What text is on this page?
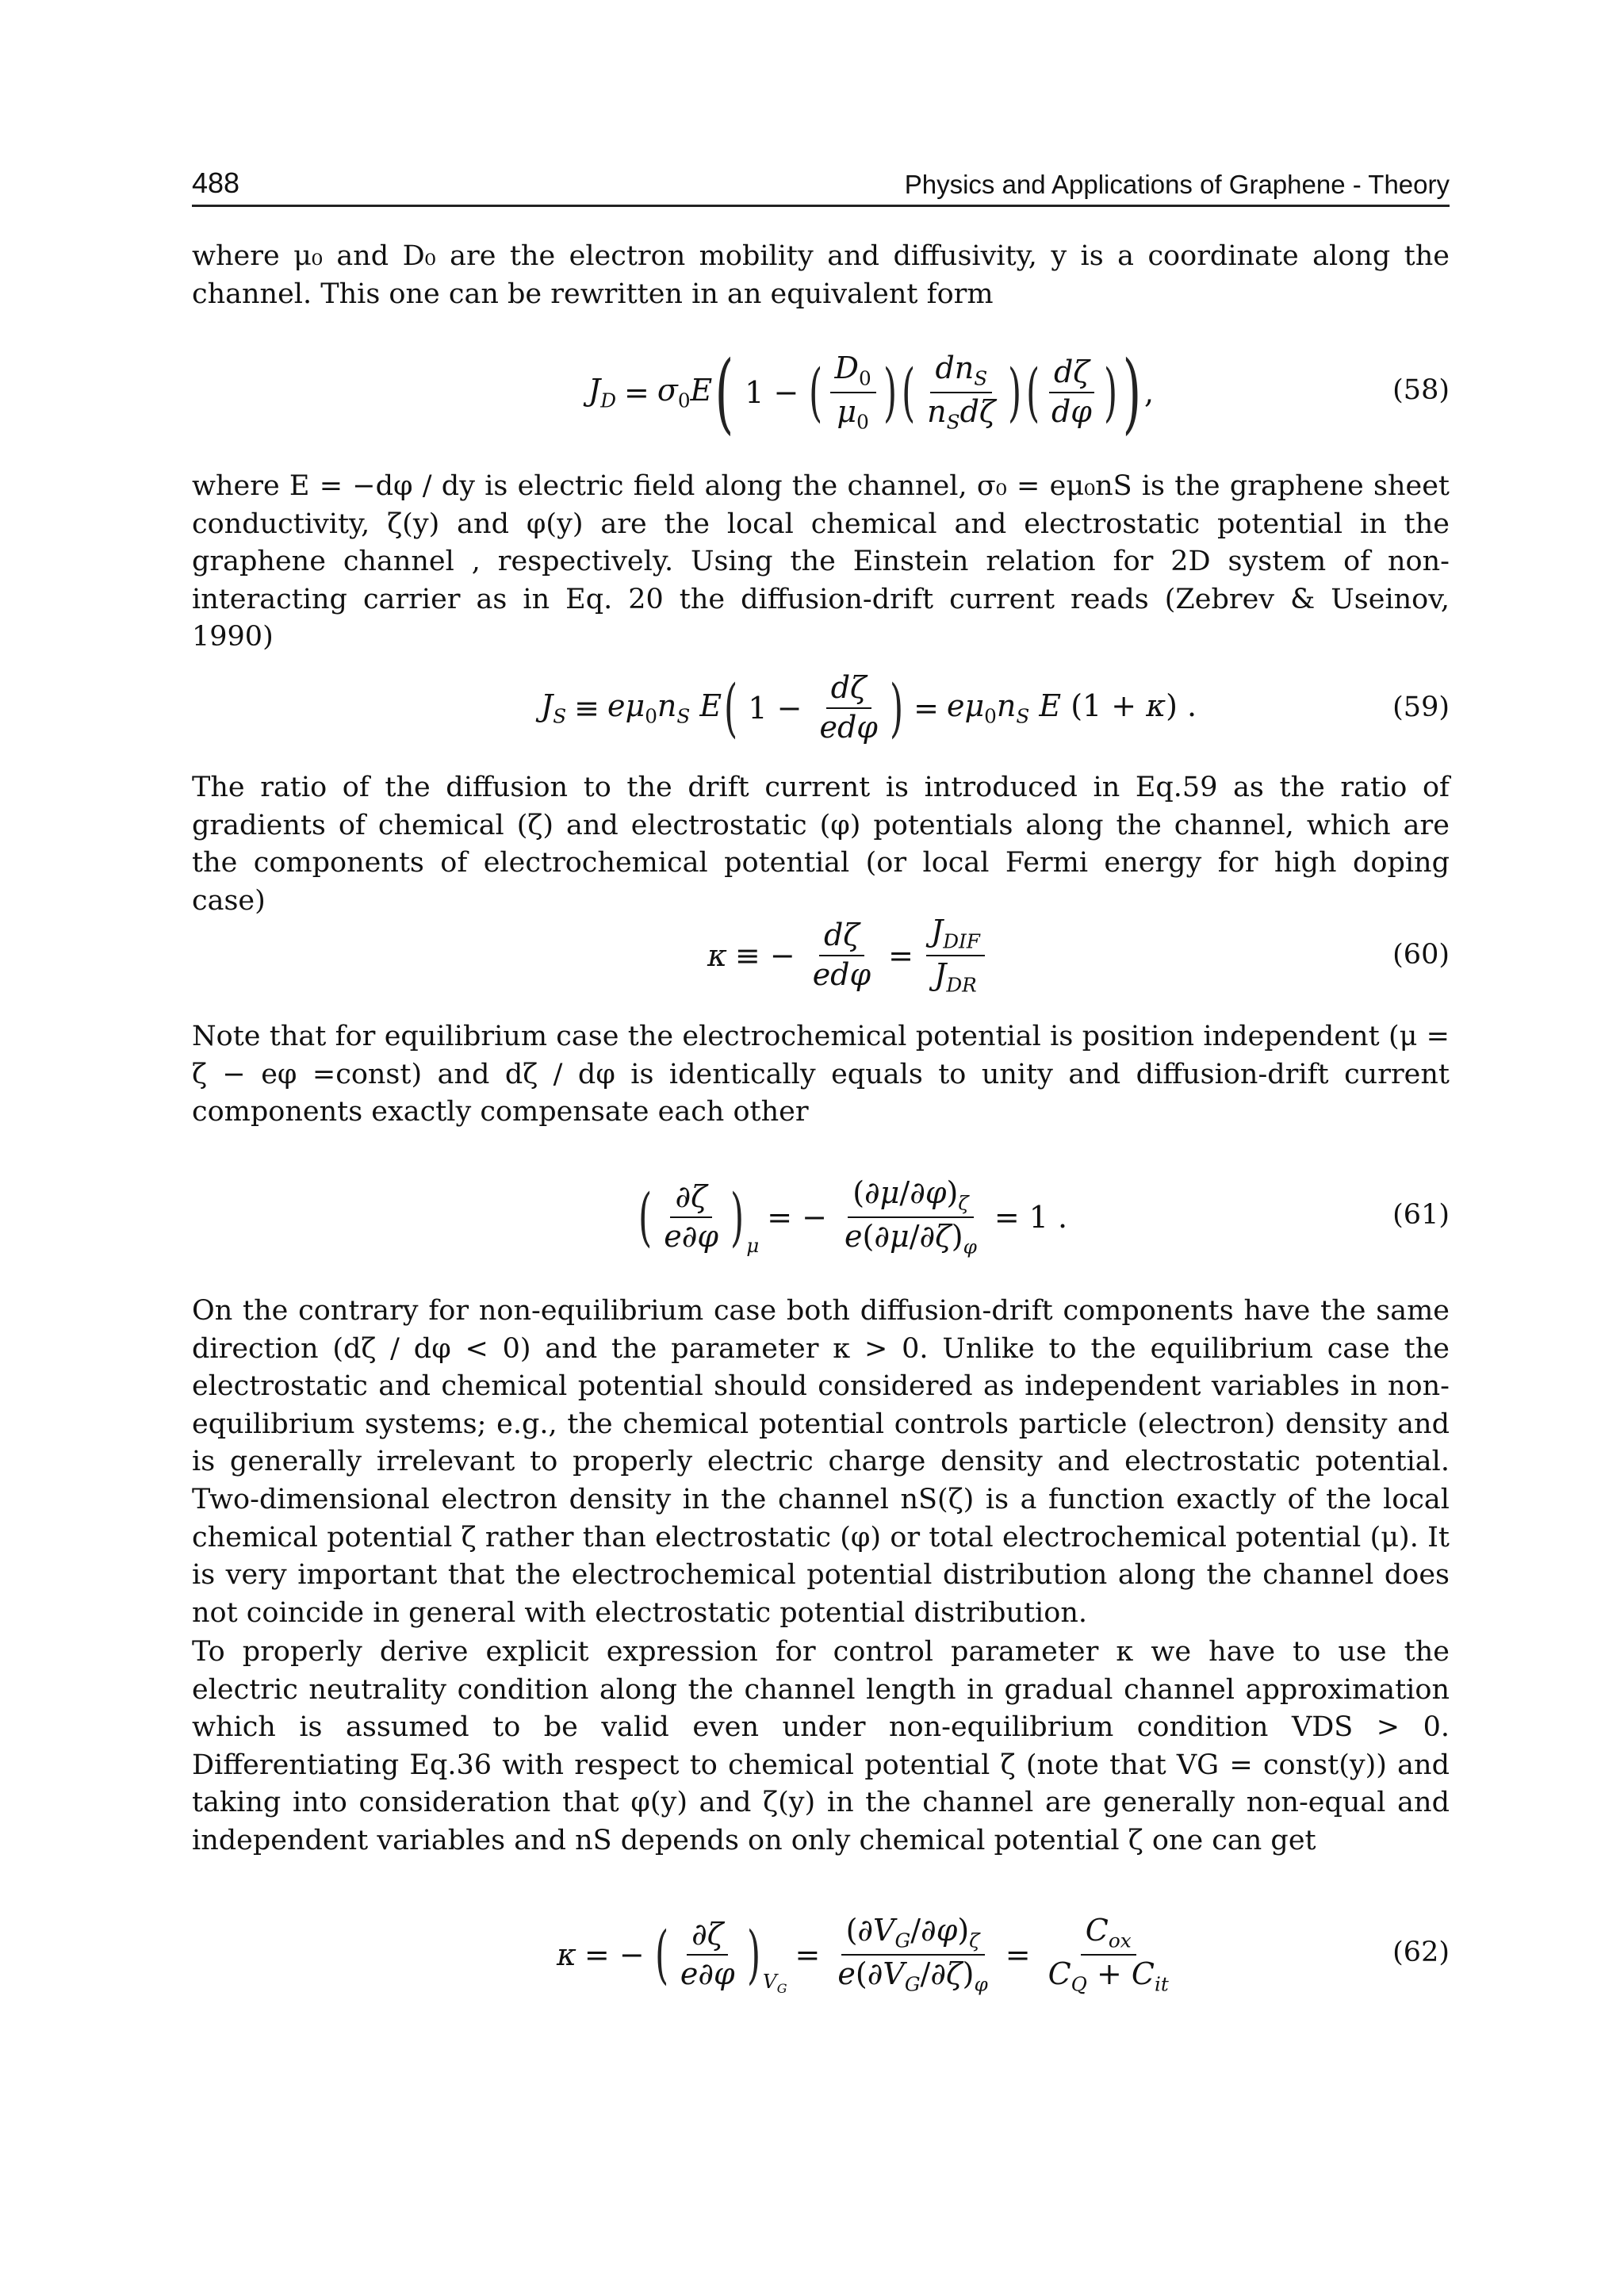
488	Physics and Applications of Graphene - Theory

where μ₀ and D₀ are the electron mobility and diffusivity, y is a coordinate along the channel. This one can be rewritten in an equivalent form

$J_D = \sigma_0E$ ( 1 − ( $\frac{D_0}{\mu_0}$ ) ( $\frac{dn_S}{n_Sd\zeta}$ ) ( $\frac{d\zeta}{d\varphi}$ ) ) ,	(58)

where E = −dφ / dy is electric field along the channel, σ₀ = eμ₀nS is the graphene sheet conductivity, ζ(y) and φ(y) are the local chemical and electrostatic potential in the graphene channel , respectively. Using the Einstein relation for 2D system of non-interacting carrier as in Eq. 20 the diffusion-drift current reads (Zebrev & Useinov, 1990)

$J_S \equiv e\mu_0n_S$ E ( $1 - \frac{d\zeta}{\text{edφ}}$ ) = $e\mu_0n_S$ E (1 + κ) .	(59)

The ratio of the diffusion to the drift current is introduced in Eq.59 as the ratio of gradients of chemical (ζ) and electrostatic (φ) potentials along the channel, which are the components of electrochemical potential (or local Fermi energy for high doping case)

κ ≡ − $\frac{d\zeta}{\text{edφ}} = \frac{J_{DIF}}{J_{DR}}$	(60)

Note that for equilibrium case the electrochemical potential is position independent (μ = ζ − eφ =const) and dζ / dφ is identically equals to unity and diffusion-drift current components exactly compensate each other

( $\frac{\partial\zeta}{e\partial\varphi}$ ) $_\mu$
= − $\frac{(\partial\mu/\partial\varphi)_\zeta}{e(\partial\mu/\partial\zeta)_\varphi} = 1$ .	(61)

On the contrary for non-equilibrium case both diffusion-drift components have the same direction (dζ / dφ < 0) and the parameter κ > 0. Unlike to the equilibrium case the electrostatic and chemical potential should considered as independent variables in non-equilibrium systems; e.g., the chemical potential controls particle (electron) density and is generally irrelevant to properly electric charge density and electrostatic potential. Two-dimensional electron density in the channel nS(ζ) is a function exactly of the local chemical potential ζ rather than electrostatic (φ) or total electrochemical potential (μ). It is very important that the electrochemical potential distribution along the channel does not coincide in general with electrostatic potential distribution.

To properly derive explicit expression for control parameter κ we have to use the electric neutrality condition along the channel length in gradual channel approximation which is assumed to be valid even under non-equilibrium condition VDS > 0. Differentiating Eq.36 with respect to chemical potential ζ (note that VG = const(y)) and taking into consideration that φ(y) and ζ(y) in the channel are generally non-equal and independent variables and nS depends on only chemical potential ζ one can get

κ = − ( $\frac{\partial\zeta}{e\partial\varphi}$ ) $_{V_G}$
= $\frac{(\partial V_G/\partial\varphi)_\zeta}{e(\partial V_G/\partial\zeta)_\varphi} = \frac{C_{ox}}{C_Q + C_{it}}$	(62)
